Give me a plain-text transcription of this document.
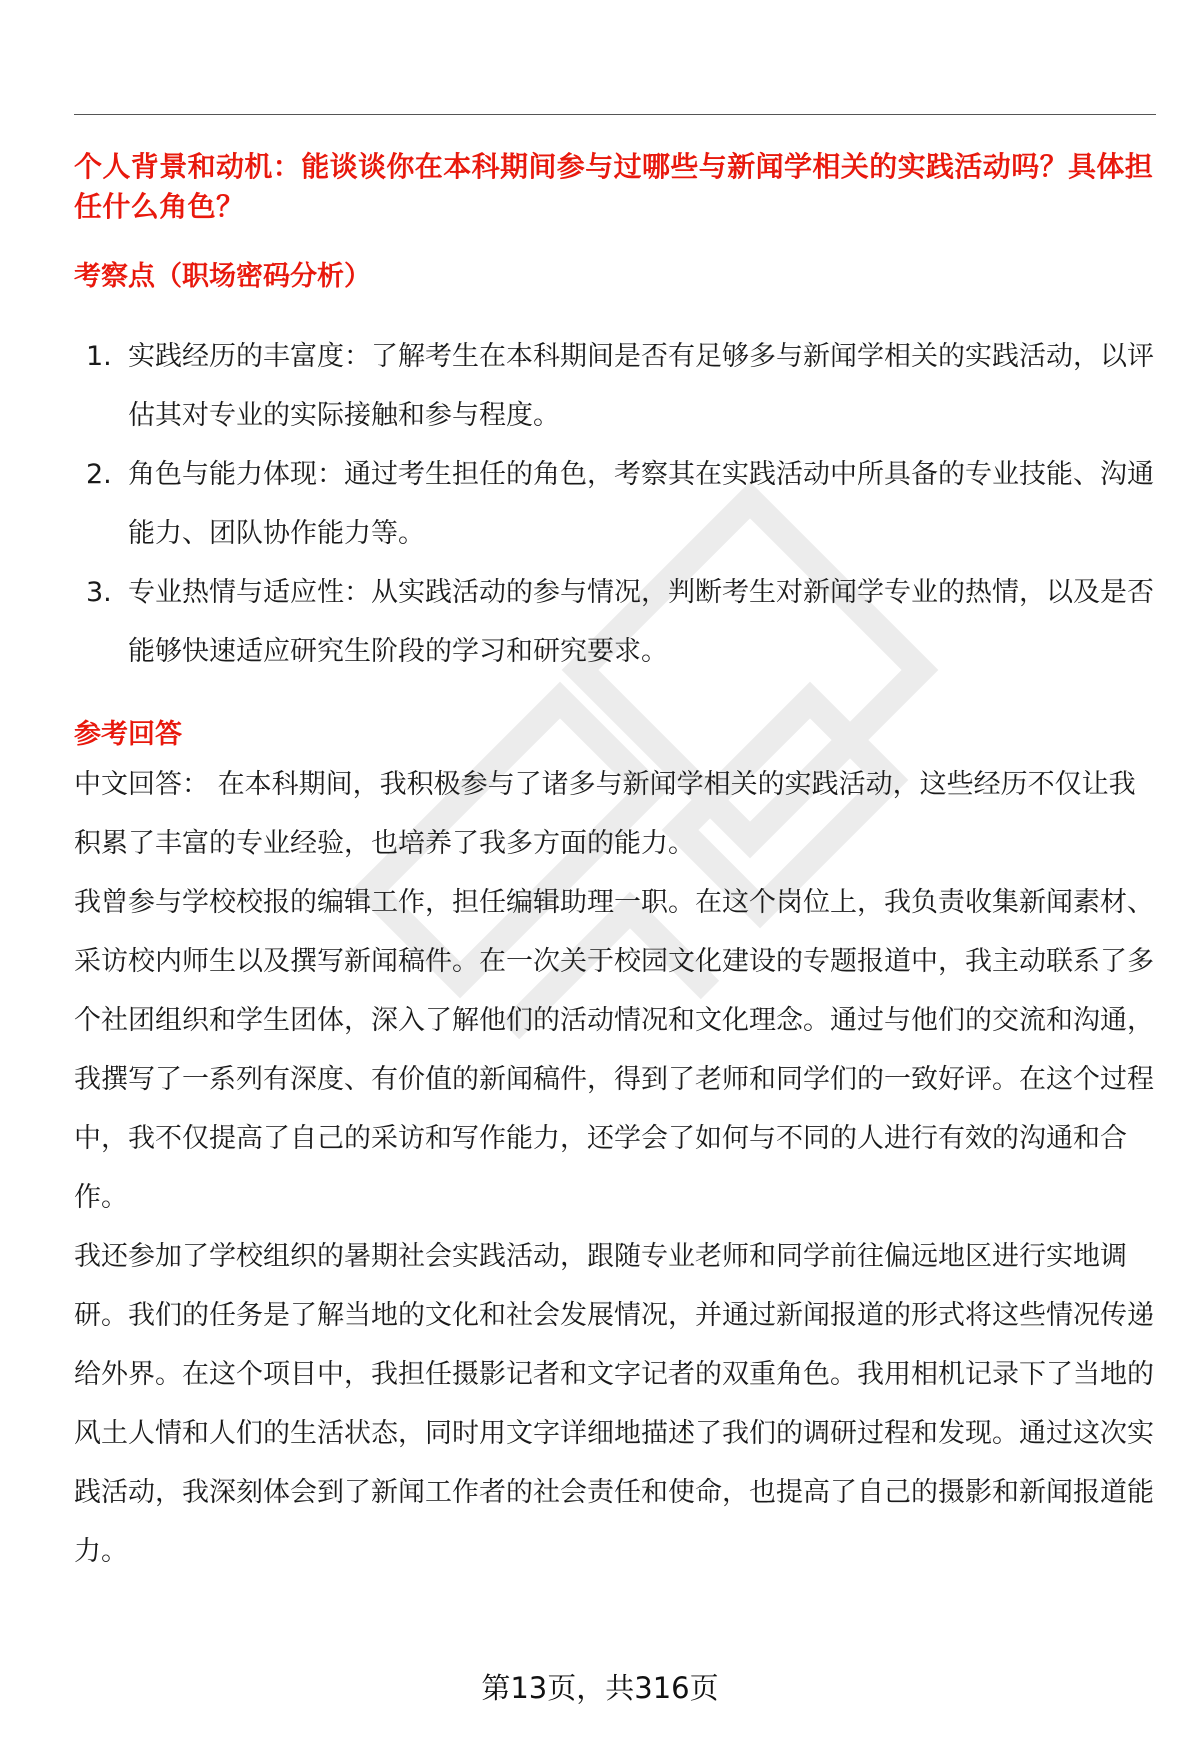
个人背景和动机：能谈谈你在本科期间参与过哪些与新闻学相关的实践活动吗？具体担任什么角色？
考察点（职场密码分析）
1. 实践经历的丰富度：了解考生在本科期间是否有足够多与新闻学相关的实践活动，以评估其对专业的实际接触和参与程度。
2. 角色与能力体现：通过考生担任的角色，考察其在实践活动中所具备的专业技能、沟通能力、团队协作能力等。
3. 专业热情与适应性：从实践活动的参与情况，判断考生对新闻学专业的热情，以及是否能够快速适应研究生阶段的学习和研究要求。
参考回答

中文回答： 在本科期间，我积极参与了诸多与新闻学相关的实践活动，这些经历不仅让我积累了丰富的专业经验，也培养了我多方面的能力。

我曾参与学校校报的编辑工作，担任编辑助理一职。在这个岗位上，我负责收集新闻素材、采访校内师生以及撰写新闻稿件。在一次关于校园文化建设的专题报道中，我主动联系了多个社团组织和学生团体，深入了解他们的活动情况和文化理念。通过与他们的交流和沟通，我撰写了一系列有深度、有价值的新闻稿件，得到了老师和同学们的一致好评。在这个过程中，我不仅提高了自己的采访和写作能力，还学会了如何与不同的人进行有效的沟通和合作。

我还参加了学校组织的暑期社会实践活动，跟随专业老师和同学前往偏远地区进行实地调研。我们的任务是了解当地的文化和社会发展情况，并通过新闻报道的形式将这些情况传递给外界。在这个项目中，我担任摄影记者和文字记者的双重角色。我用相机记录下了当地的风土人情和人们的生活状态，同时用文字详细地描述了我们的调研过程和发现。通过这次实践活动，我深刻体会到了新闻工作者的社会责任和使命，也提高了自己的摄影和新闻报道能力。

第13页，共316页
